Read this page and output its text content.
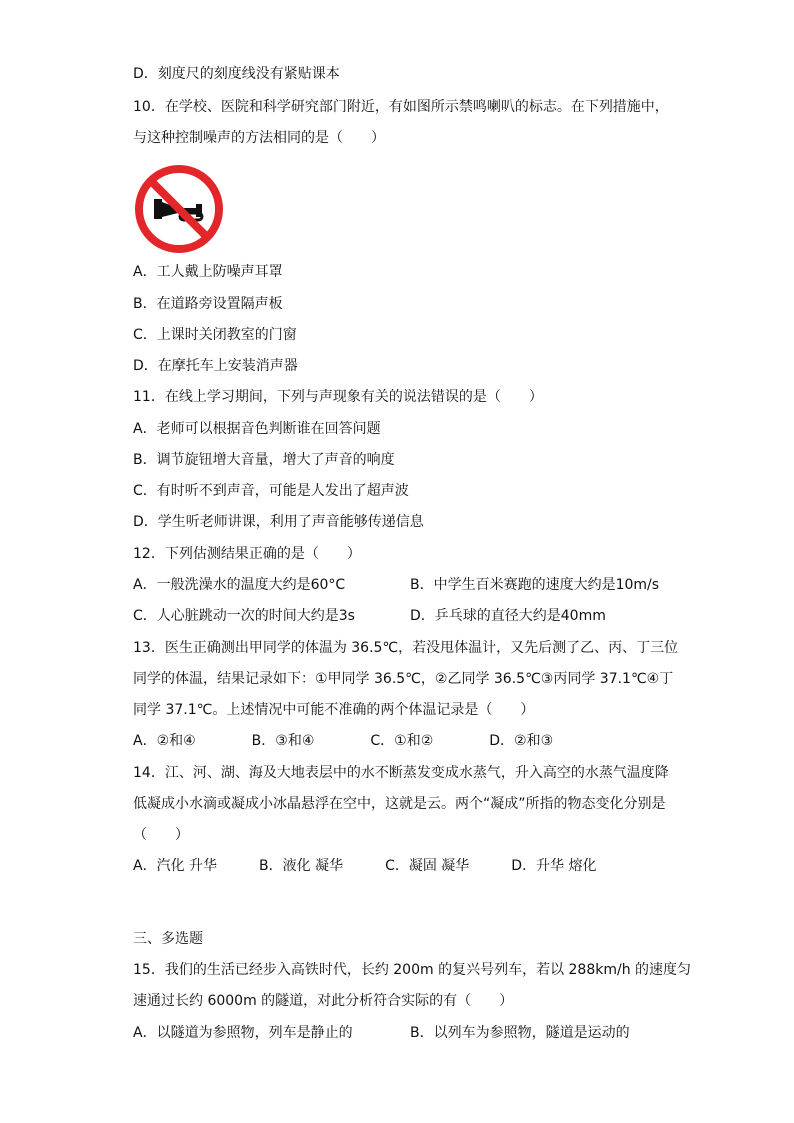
D．刻度尺的刻度线没有紧贴课本
10．在学校、医院和科学研究部门附近，有如图所示禁鸣喇叭的标志。在下列措施中，
与这种控制噪声的方法相同的是（　　）
A．工人戴上防噪声耳罩
B．在道路旁设置隔声板
C．上课时关闭教室的门窗
D．在摩托车上安装消声器
11．在线上学习期间，下列与声现象有关的说法错误的是（　　）
A．老师可以根据音色判断谁在回答问题
B．调节旋钮增大音量，增大了声音的响度
C．有时听不到声音，可能是人发出了超声波
D．学生听老师讲课，利用了声音能够传递信息
12．下列估测结果正确的是（　　）
A．一般洗澡水的温度大约是60°C	B．中学生百米赛跑的速度大约是10m/s
C．人心脏跳动一次的时间大约是3s	D．乒乓球的直径大约是40mm
13．医生正确测出甲同学的体温为 36.5℃，若没甩体温计，又先后测了乙、丙、丁三位
同学的体温，结果记录如下：①甲同学 36.5℃，②乙同学 36.5℃③丙同学 37.1℃④丁
同学 37.1℃。上述情况中可能不准确的两个体温记录是（　　）
A．②和④　　　　B．③和④　　　　C．①和②　　　　D．②和③
14．江、河、湖、海及大地表层中的水不断蒸发变成水蒸气，升入高空的水蒸气温度降
低凝成小水滴或凝成小冰晶悬浮在空中，这就是云。两个“凝成”所指的物态变化分别是
（　　）
A．汽化 升华　　　B．液化 凝华　　　C．凝固 凝华　　　D．升华 熔化
三、多选题
15．我们的生活已经步入高铁时代，长约 200m 的复兴号列车，若以 288km/h 的速度匀
速通过长约 6000m 的隧道，对此分析符合实际的有（　　）
A．以隧道为参照物，列车是静止的	B．以列车为参照物，隧道是运动的
